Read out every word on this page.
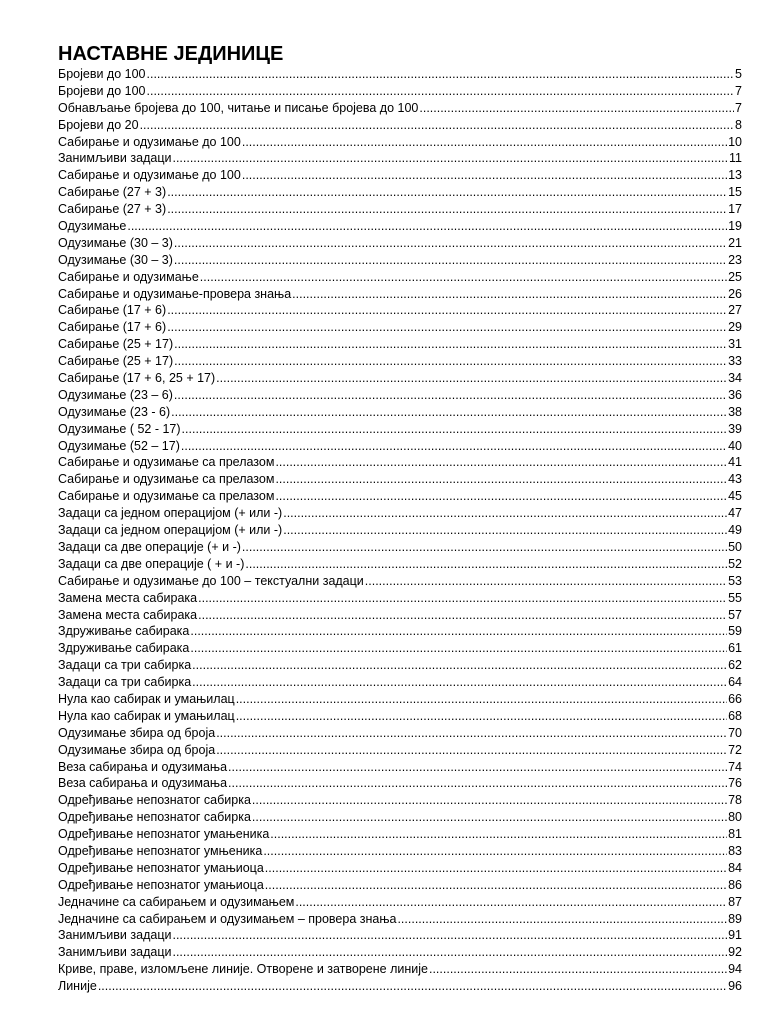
НАСТАВНЕ ЈЕДИНИЦЕ
Бројеви до 100 .....	5
Бројеви до 100 .....	7
Обнављање бројева до 100, читање и писање бројева до 100 .....	7
Бројеви до 20 .....	8
Сабирање и одузимање до 100 .....	10
Занимљиви задаци .....	11
Сабирање и одузимање до 100 .....	13
Сабирање (27 + 3) .....	15
Сабирање (27 + 3) .....	17
Одузимање .....	19
Одузимање (30 – 3) .....	21
Одузимање (30 – 3) .....	23
Сабирање и одузимање .....	25
Сабирање и одузимање-провера знања .....	26
Сабирање (17 + 6) .....	27
Сабирање (17 + 6) .....	29
Сабирање (25 + 17) .....	31
Сабирање (25 + 17) .....	33
Сабирање (17 + 6, 25 + 17) .....	34
Одузимање (23 – 6) .....	36
Одузимање (23 - 6) .....	38
Одузимање ( 52 - 17) .....	39
Одузимање (52 – 17) .....	40
Сабирање и одузимање са прелазом .....	41
Сабирање и одузимање са прелазом .....	43
Сабирање и одузимање са прелазом .....	45
Задаци са једном операцијом (+ или -) .....	47
Задаци са једном операцијом (+ или -) .....	49
Задаци са две операције (+ и -) .....	50
Задаци са две операције ( + и -) .....	52
Сабирање и одузимање до 100 – текстуални задаци .....	53
Замена места сабирака .....	55
Замена места сабирака .....	57
Здруживање сабирака .....	59
Здруживање сабирака .....	61
Задаци са три сабирка .....	62
Задаци са три сабирка .....	64
Нула као сабирак и умањилац .....	66
Нула као сабирак и умањилац .....	68
Одузимање збира од броја .....	70
Одузимање збира од броја .....	72
Веза сабирања и одузимања .....	74
Веза сабирања и одузимања .....	76
Одређивање непознатог сабирка .....	78
Одређивање непознатог сабирка .....	80
Одређивање непознатог умањеника .....	81
Одређивање непознатог умњеника .....	83
Одређивање непознатог умањиоца .....	84
Одређивање непознатог умањиоца .....	86
Једначине са сабирањем и одузимањем .....	87
Једначине са сабирањем и одузимањем – провера знања .....	89
Занимљиви задаци .....	91
Занимљиви задаци .....	92
Криве, праве, изломљене линије. Отворене и затворене линије .....	94
Линије .....	96
